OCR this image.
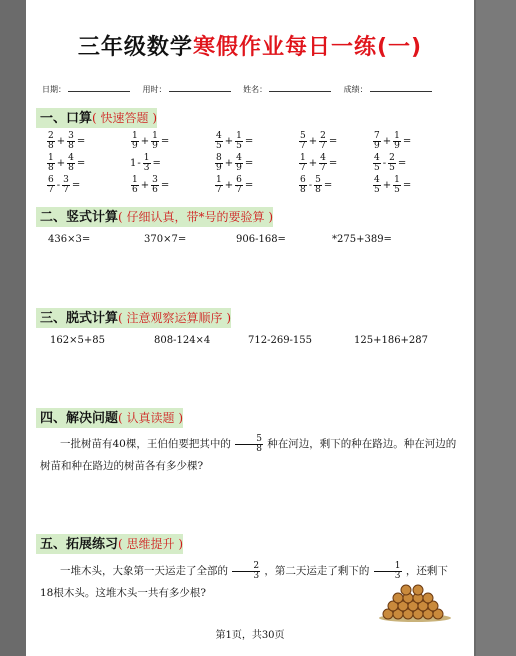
三年级数学寒假作业每日一练(一)
日期：	用时：	姓名：	成绩：
一、口算( 快速答题 )
$\frac{2}{8} + \frac{3}{8}$ =	$\frac{1}{9} + \frac{1}{9}$ =	$\frac{4}{5} + \frac{1}{5}$ =	$\frac{5}{7} + \frac{2}{7}$ =	$\frac{7}{9} + \frac{1}{9}$ =
$\frac{1}{8} + \frac{4}{8}$ =	$1- \frac{1}{3}$ =	$\frac{8}{9} + \frac{4}{9}$ =	$\frac{1}{7} + \frac{4}{7}$ =	$\frac{4}{5} - \frac{2}{5}$ =
$\frac{6}{7} - \frac{3}{7}$ =	$\frac{1}{6} + \frac{3}{6}$ =	$\frac{1}{7} + \frac{6}{7}$ =	$\frac{6}{8} - \frac{5}{8}$ =	$\frac{4}{5} + \frac{1}{5}$ =
二、竖式计算( 仔细认真，带*号的要验算 )
436×3=	370×7=	906-168=	*275+389=
三、脱式计算( 注意观察运算顺序 )
162×5+85	808-124×4	712-269-155	125+186+287
四、解决问题( 认真读题 )
一批树苗有40棵，王伯伯要把其中的 $\frac{5}{8}$ 种在河边，剩下的种在路边。种在河边的树苗和种在路边的树苗各有多少棵?
五、拓展练习( 思维提升 )
一堆木头，大象第一天运走了全部的 $\frac{2}{3}$ ，第二天运走了剩下的 $\frac{1}{3}$ ，还剩下18根木头。这堆木头一共有多少根?
第1页，共30页
